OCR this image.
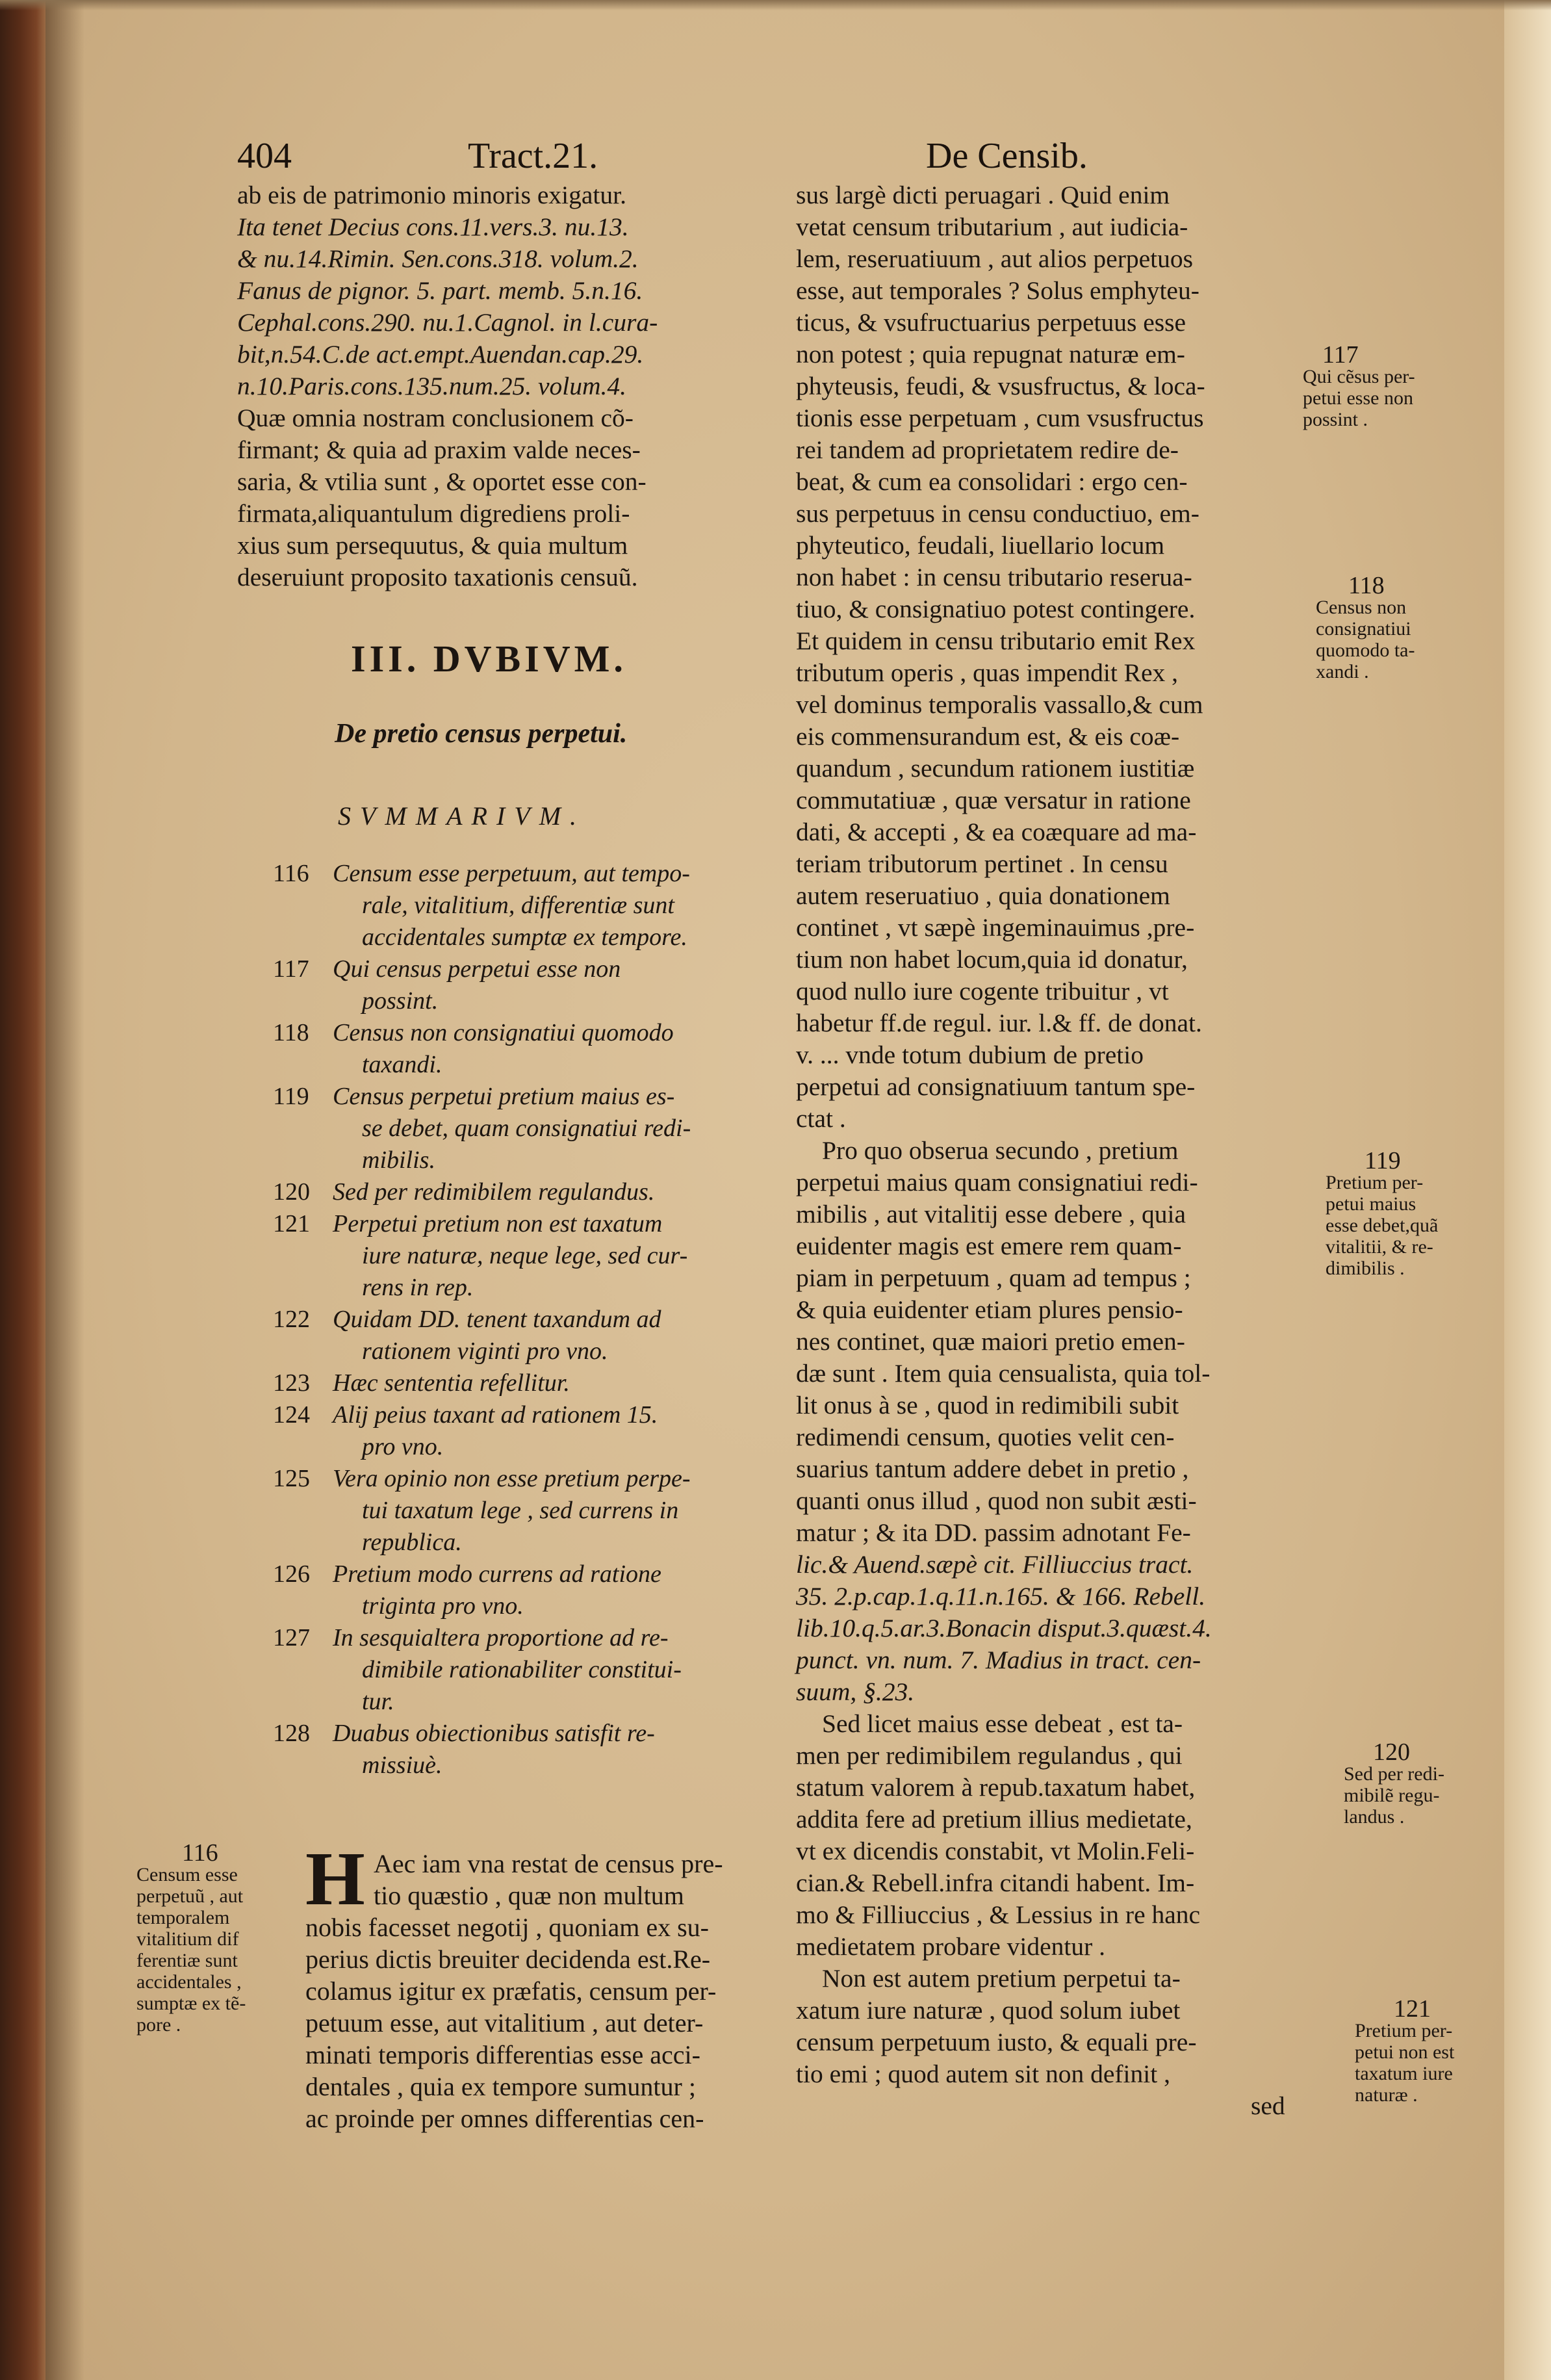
404	Tract.21.	De Censib.
ab eis de patrimonio minoris exigatur.
Ita tenet Decius cons.11.vers.3. nu.13.
& nu.14.Rimin. Sen.cons.318. volum.2.
Fanus de pignor. 5. part. memb. 5.n.16.
Cephal.cons.290. nu.1.Cagnol. in l.cura-
bit,n.54.C.de act.empt.Auendan.cap.29.
n.10.Paris.cons.135.num.25. volum.4.
Quæ omnia nostram conclusionem cõ-
firmant; & quia ad praxim valde neces-
saria, & vtilia sunt , & oportet esse con-
firmata,aliquantulum digrediens proli-
xius sum persequutus, & quia multum
deseruiunt proposito taxationis censuũ.
III. DVBIVM.
De pretio census perpetui.
SVMMARIVM.
116 Censum esse perpetuum, aut tempo-
rale, vitalitium, differentiæ sunt
accidentales sumptæ ex tempore.
117 Qui census perpetui esse non
possint.
118 Census non consignatiui quomodo
taxandi.
119 Census perpetui pretium maius es-
se debet, quam consignatiui redi-
mibilis.
120 Sed per redimibilem regulandus.
121 Perpetui pretium non est taxatum
iure naturæ, neque lege, sed cur-
rens in rep.
122 Quidam DD. tenent taxandum ad
rationem viginti pro vno.
123 Hæc sententia refellitur.
124 Alij peius taxant ad rationem 15.
pro vno.
125 Vera opinio non esse pretium perpe-
tui taxatum lege , sed currens in
republica.
126 Pretium modo currens ad ratione
triginta pro vno.
127 In sesquialtera proportione ad re-
dimibile rationabiliter constitui-
tur.
128 Duabus obiectionibus satisfit re-
missiuè.
H Aec iam vna restat de census pre-
tio quæstio , quæ non multum
nobis facesset negotij , quoniam ex su-
perius dictis breuiter decidenda est.Re-
colamus igitur ex præfatis, censum per-
petuum esse, aut vitalitium , aut deter-
minati temporis differentias esse acci-
dentales , quia ex tempore sumuntur ;
ac proinde per omnes differentias cen-
sus largè dicti peruagari . Quid enim
vetat censum tributarium , aut iudicia-
lem, reseruatiuum , aut alios perpetuos
esse, aut temporales ? Solus emphyteu-
ticus, & vsufructuarius perpetuus esse
non potest ; quia repugnat naturæ em-
phyteusis, feudi, & vsusfructus, & loca-
tionis esse perpetuam , cum vsusfructus
rei tandem ad proprietatem redire de-
beat, & cum ea consolidari : ergo cen-
sus perpetuus in censu conductiuo, em-
phyteutico, feudali, liuellario locum
non habet : in censu tributario reserua-
tiuo, & consignatiuo potest contingere.
Et quidem in censu tributario emit Rex
tributum operis , quas impendit Rex ,
vel dominus temporalis vassallo,& cum
eis commensurandum est, & eis coæ-
quandum , secundum rationem iustitiæ
commutatiuæ , quæ versatur in ratione
dati, & accepti , & ea coæquare ad ma-
teriam tributorum pertinet . In censu
autem reseruatiuo , quia donationem
continet , vt sæpè ingeminauimus ,pre-
tium non habet locum,quia id donatur,
quod nullo iure cogente tribuitur , vt
habetur ff.de regul. iur. l.& ff. de donat.
v. ... vnde totum dubium de pretio
perpetui ad consignatiuum tantum spe-
ctat .
Pro quo obserua secundo , pretium
perpetui maius quam consignatiui redi-
mibilis , aut vitalitij esse debere , quia
euidenter magis est emere rem quam-
piam in perpetuum , quam ad tempus ;
& quia euidenter etiam plures pensio-
nes continet, quæ maiori pretio emen-
dæ sunt . Item quia censualista, quia tol-
lit onus à se , quod in redimibili subit
redimendi censum, quoties velit cen-
suarius tantum addere debet in pretio ,
quanti onus illud , quod non subit æsti-
matur ; & ita DD. passim adnotant Fe-
lic.& Auend.sæpè cit. Filliuccius tract.
35. 2.p.cap.1.q.11.n.165. & 166. Rebell.
lib.10.q.5.ar.3.Bonacin disput.3.quæst.4.
punct. vn. num. 7. Madius in tract. cen-
suum, §.23.
Sed licet maius esse debeat , est ta-
men per redimibilem regulandus , qui
statum valorem à repub.taxatum habet,
addita fere ad pretium illius medietate,
vt ex dicendis constabit, vt Molin.Feli-
cian.& Rebell.infra citandi habent. Im-
mo & Filliuccius , & Lessius in re hanc
medietatem probare videntur .
Non est autem pretium perpetui ta-
xatum iure naturæ , quod solum iubet
censum perpetuum iusto, & equali pre-
tio emi ; quod autem sit non definit ,
sed
116
Censum esse
perpetuũ , aut
temporalem
vitalitium dif
ferentiæ sunt
accidentales ,
sumptæ ex tẽ-
pore .
117
Qui cẽsus per-
petui esse non
possint .
118
Census non
consignatiui
quomodo ta-
xandi .
119
Pretium per-
petui maius
esse debet,quã
vitalitii, & re-
dimibilis .
120
Sed per redi-
mibilẽ regu-
landus .
121
Pretium per-
petui non est
taxatum iure
naturæ .
